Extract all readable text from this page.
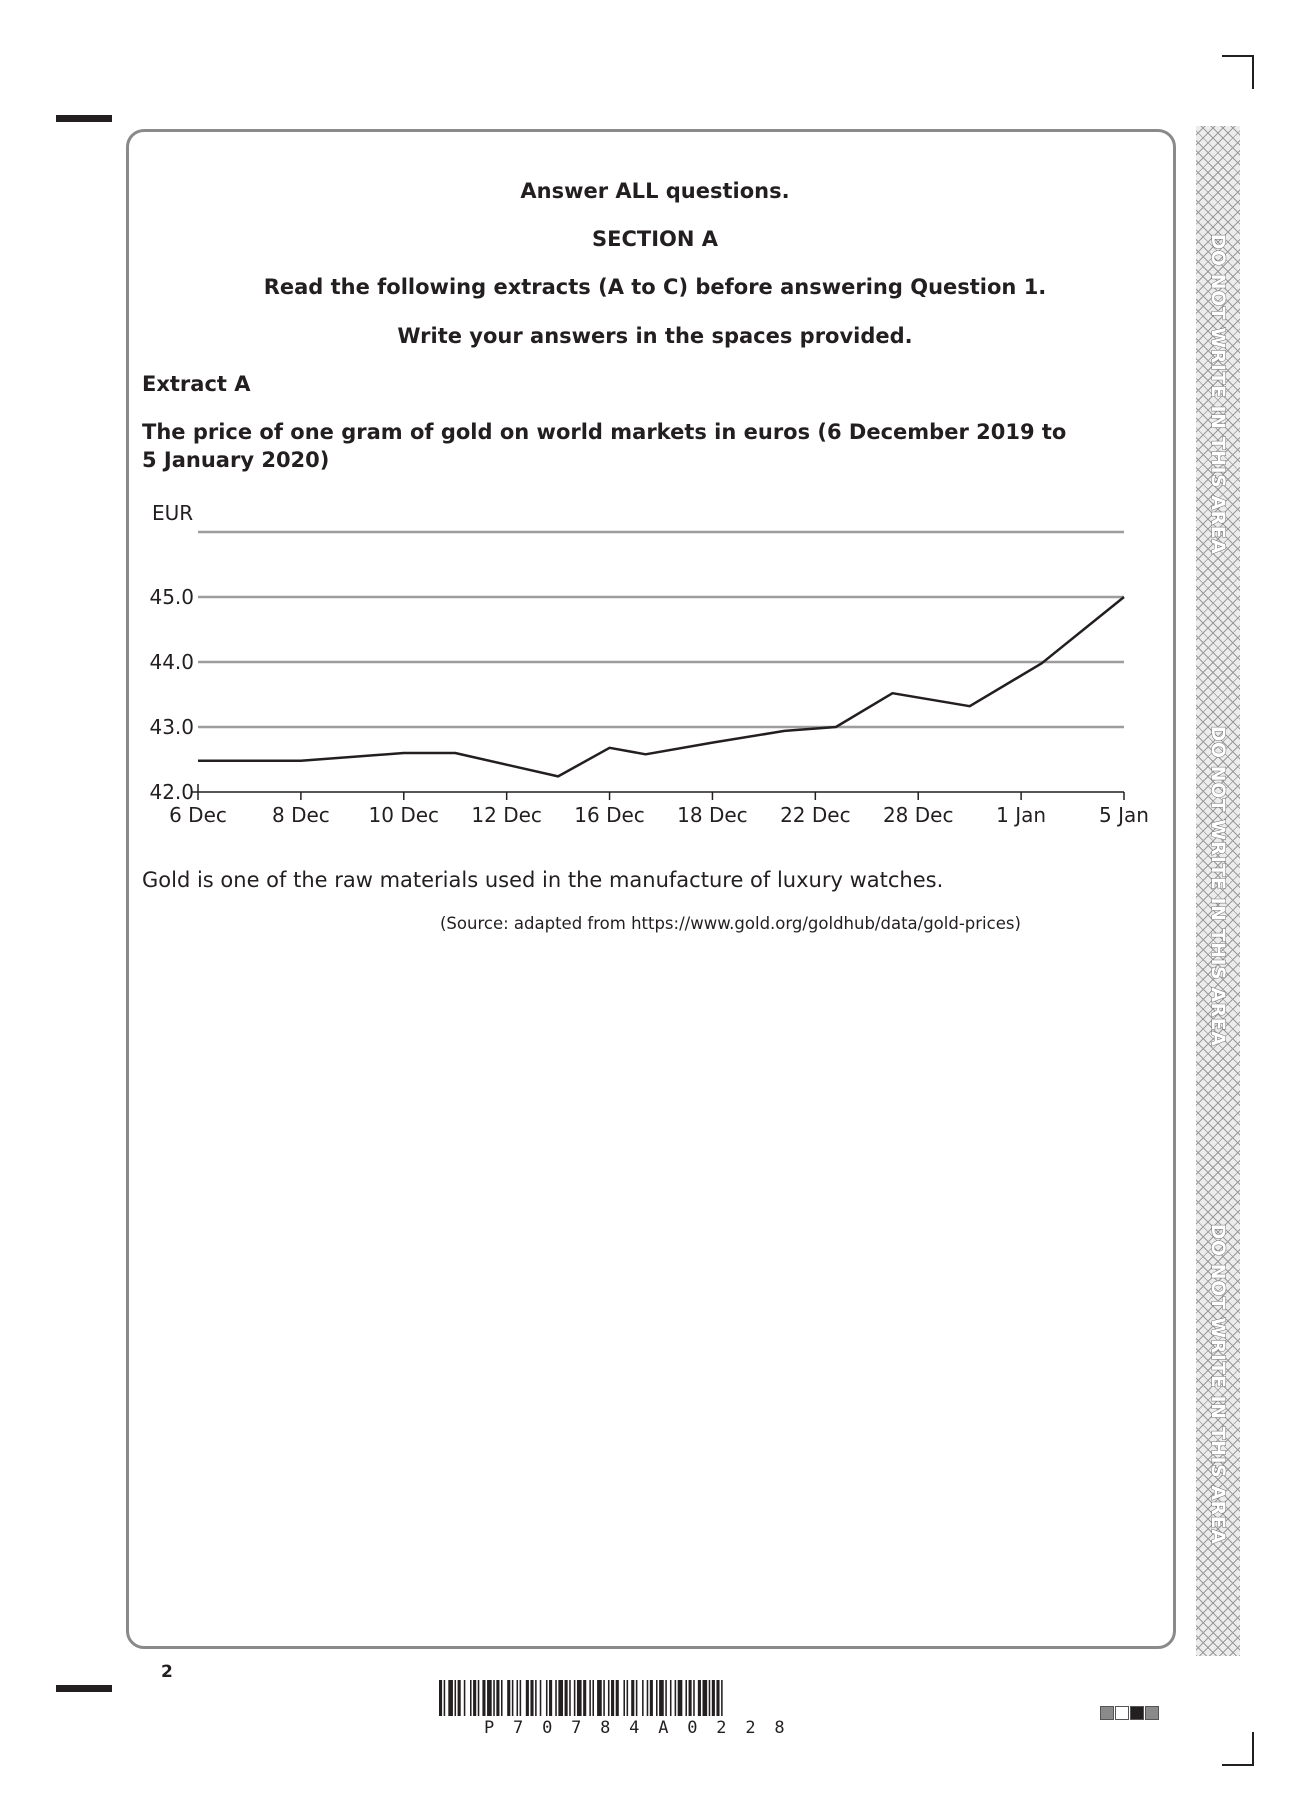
DO NOT WRITE IN THIS AREA
DO NOT WRITE IN THIS AREA
DO NOT WRITE IN THIS AREA
Answer ALL questions.
SECTION A
Read the following extracts (A to C) before answering Question 1.
Write your answers in the spaces provided.
Extract A
The price of one gram of gold on world markets in euros (6 December 2019 to
5 January 2020)
EUR
42.0
43.0
44.0
45.0
6 Dec 8 Dec 10 Dec 12 Dec 16 Dec 18 Dec 22 Dec 28 Dec 1 Jan	5 Jan
Gold is one of the raw materials used in the manufacture of luxury watches.
(Source: adapted from https://www.gold.org/goldhub/data/gold-prices)
2
P70784A0228
